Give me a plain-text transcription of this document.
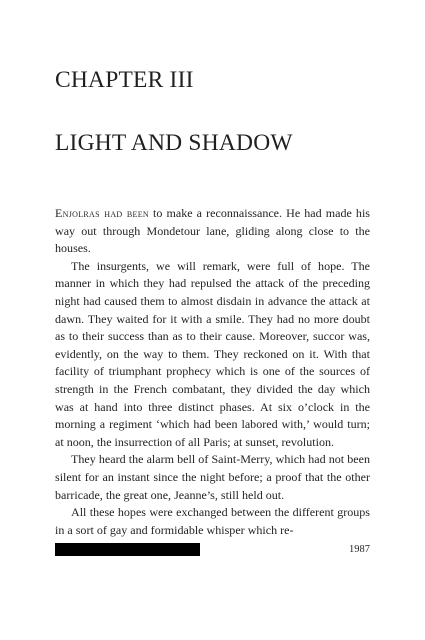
CHAPTER III
LIGHT AND SHADOW

Enjolras had been to make a reconnaissance. He had made his way out through Mondetour lane, gliding along close to the houses.

The insurgents, we will remark, were full of hope. The manner in which they had repulsed the attack of the preceding night had caused them to almost disdain in advance the attack at dawn. They waited for it with a smile. They had no more doubt as to their success than as to their cause. Moreover, succor was, evidently, on the way to them. They reckoned on it. With that facility of triumphant prophecy which is one of the sources of strength in the French combatant, they divided the day which was at hand into three distinct phases. At six o’clock in the morning a regiment ‘which had been labored with,’ would turn; at noon, the insurrection of all Paris; at sunset, revolution.

They heard the alarm bell of Saint-Merry, which had not been silent for an instant since the night before; a proof that the other barricade, the great one, Jeanne’s, still held out.

All these hopes were exchanged between the different groups in a sort of gay and formidable whisper which re-

1987
